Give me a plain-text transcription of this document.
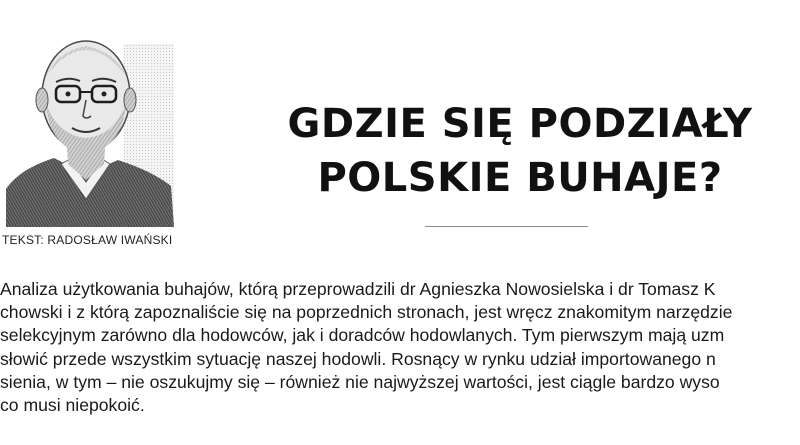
TEKST: RADOSŁAW IWAŃSKI
GDZIE SIĘ PODZIAŁY
POLSKIE BUHAJE?

Analiza użytkowania buhajów, którą przeprowadzili dr Agnieszka Nowosielska i dr Tomasz K
chowski i z którą zapoznaliście się na poprzednich stronach, jest wręcz znakomitym narzędzie
selekcyjnym zarówno dla hodowców, jak i doradców hodowlanych. Tym pierwszym mają uzm
słowić przede wszystkim sytuację naszej hodowli. Rosnący w rynku udział importowanego n
sienia, w tym – nie oszukujmy się – również nie najwyższej wartości, jest ciągle bardzo wyso
co musi niepokoić.
